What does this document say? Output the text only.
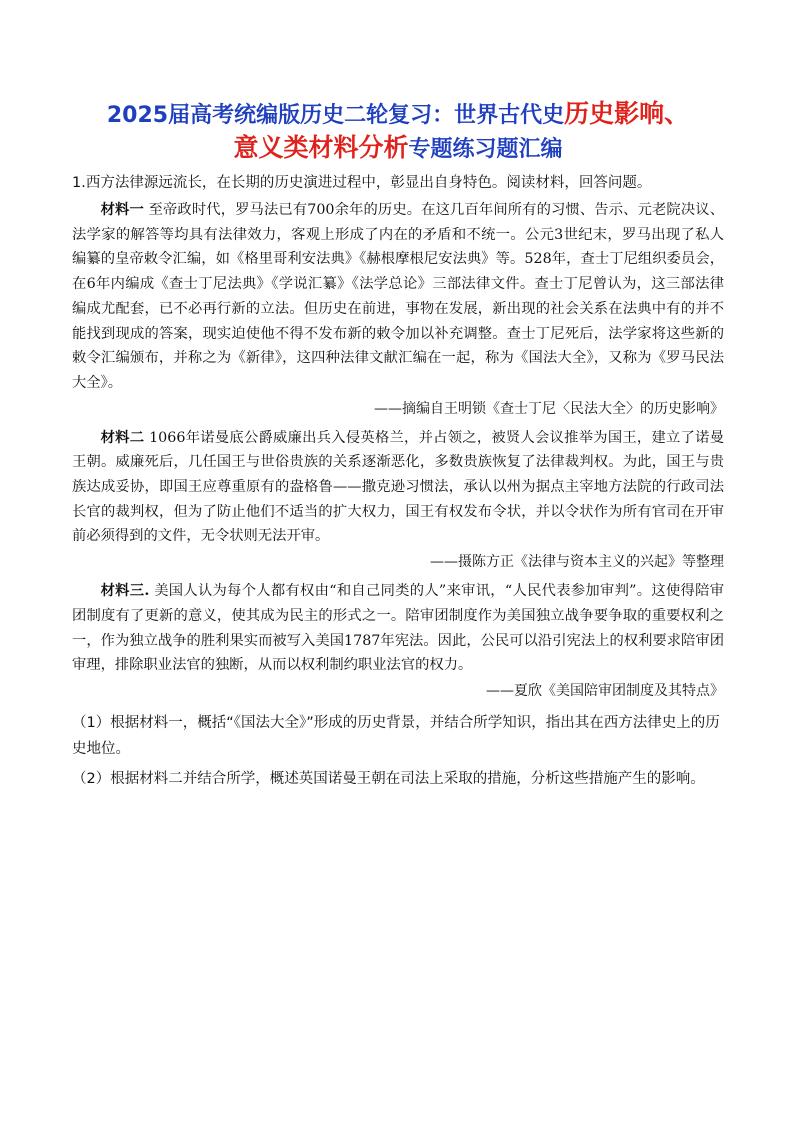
2025届高考统编版历史二轮复习：世界古代史历史影响、
意义类材料分析专题练习题汇编
1.西方法律源远流长，在长期的历史演进过程中，彰显出自身特色。阅读材料，回答问题。

材料一 至帝政时代，罗马法已有700余年的历史。在这几百年间所有的习惯、告示、元老院决议、法学家的解答等均具有法律效力，客观上形成了内在的矛盾和不统一。公元3世纪末，罗马出现了私人编纂的皇帝敕令汇编，如《格里哥利安法典》《赫根摩根尼安法典》等。528年，查士丁尼组织委员会，在6年内编成《查士丁尼法典》《学说汇纂》《法学总论》三部法律文件。查士丁尼曾认为，这三部法律编成尤配套，已不必再行新的立法。但历史在前进，事物在发展，新出现的社会关系在法典中有的并不能找到现成的答案，现实迫使他不得不发布新的敕令加以补充调整。查士丁尼死后，法学家将这些新的敕令汇编颁布，并称之为《新律》，这四种法律文献汇编在一起，称为《国法大全》，又称为《罗马民法大全》。

——摘编自王明锁《查士丁尼〈民法大全〉的历史影响》

材料二 1066年诺曼底公爵威廉出兵入侵英格兰，并占领之，被贤人会议推举为国王，建立了诺曼王朝。威廉死后，几任国王与世俗贵族的关系逐渐恶化，多数贵族恢复了法律裁判权。为此，国王与贵族达成妥协，即国王应尊重原有的盎格鲁——撒克逊习惯法，承认以州为据点主宰地方法院的行政司法长官的裁判权，但为了防止他们不适当的扩大权力，国王有权发布令状，并以令状作为所有官司在开审前必须得到的文件，无令状则无法开审。

——摄陈方正《法律与资本主义的兴起》等整理

材料三. 美国人认为每个人都有权由“和自己同类的人”来审讯，“人民代表参加审判”。这使得陪审团制度有了更新的意义，使其成为民主的形式之一。陪审团制度作为美国独立战争要争取的重要权利之一，作为独立战争的胜利果实而被写入美国1787年宪法。因此，公民可以沿引宪法上的权利要求陪审团审理，排除职业法官的独断，从而以权利制约职业法官的权力。

——夏欣《美国陪审团制度及其特点》

（1）根据材料一，概括“《国法大全》”形成的历史背景，并结合所学知识，指出其在西方法律史上的历史地位。

（2）根据材料二并结合所学，概述英国诺曼王朝在司法上采取的措施，分析这些措施产生的影响。
